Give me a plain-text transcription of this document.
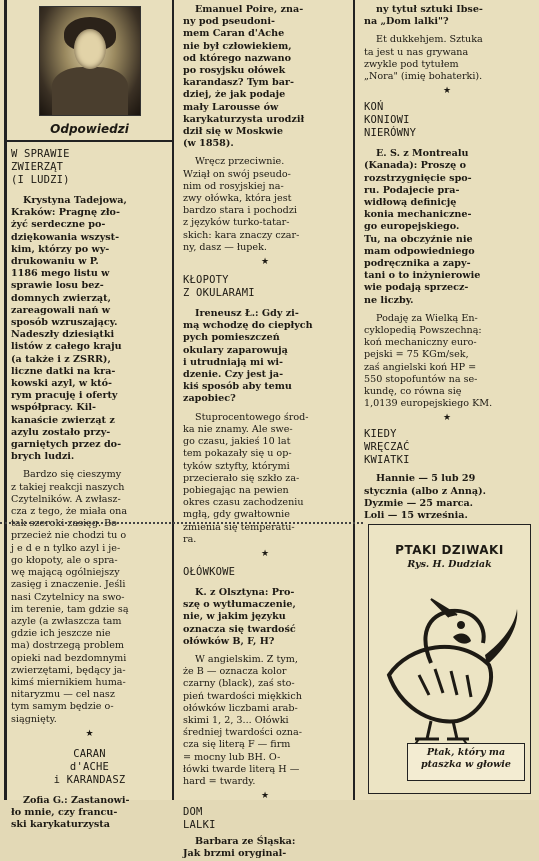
Odpowiedzi
W SPRAWIE
ZWIERZĄT
(I LUDZI)
Krystyna Tadejowa,
Kraków: Pragnę zło-
żyć serdeczne po-
dziękowania wszyst-
kim, którzy po wy-
drukowaniu w P.
1186 mego listu w
sprawie losu bez-
domnych zwierząt,
zareagowali nań w
sposób wzruszający.
Nadeszły dziesiątki
listów z całego kraju
(a także i z ZSRR),
liczne datki na kra-
kowski azyl, w któ-
rym pracuję i oferty
współpracy. Kil-
kanaście zwierząt z
azylu zostało przy-
garniętych przez do-
brych ludzi.
Bardzo się cieszymy
z takiej reakcji naszych
Czytelników. A zwłasz-
cza z tego, że miała ona
tak szeroki zasięg. Bo
przecież nie chodzi tu o
j e d e n tylko azyl i je-
go kłopoty, ale o spra-
wę mającą ogólniejszy
zasięg i znaczenie. Jeśli
nasi Czytelnicy na swo-
im terenie, tam gdzie są
azyle (a zwłaszcza tam
gdzie ich jeszcze nie
ma) dostrzegą problem
opieki nad bezdomnymi
zwierzętami, będący ja-
kimś miernikiem huma-
nitaryzmu — cel nasz
tym samym będzie o-
siągnięty.
★
CARAN
d'ACHE
i KARANDASZ
Zofia G.: Zastanowi-
ło mnie, czy francu-
ski karykaturzysta
Emanuel Poire, zna-
ny pod pseudoni-
mem Caran d'Ache
nie był człowiekiem,
od którego nazwano
po rosyjsku ołówek
karandasz? Tym bar-
dziej, że jak podaje
mały Larousse ów
karykaturzysta urodził
dził się w Moskwie
(w 1858).
Wręcz przeciwnie.
Wziął on swój pseudo-
nim od rosyjskiej na-
zwy ołówka, która jest
bardzo stara i pochodzi
z języków turko-tatar-
skich: kara znaczy czar-
ny, dasz — łupek.
★
KŁOPOTY
Z OKULARAMI
Ireneusz Ł.: Gdy zi-
mą wchodzę do ciepłych
pych pomieszczeń
okulary zaparowują
i utrudniają mi wi-
dzenie. Czy jest ja-
kiś sposób aby temu
zapobiec?
Stuprocentowego środ-
ka nie znamy. Ale swe-
go czasu, jakieś 10 lat
tem pokazały się u op-
tyków sztyfty, którymi
przecierało się szkło za-
pobiegając na pewien
okres czasu zachodzeniu
mgłą, gdy gwałtownie
zmienia się temperatu-
ra.
★
OŁÓWKOWE
K. z Olsztyna: Pro-
szę o wytłumaczenie,
nie, w jakim języku
oznacza się twardość
ołówków B, F, H?
W angielskim. Z tym,
że B — oznacza kolor
czarny (black), zaś sto-
pień twardości miękkich
ołówków liczbami arab-
skimi 1, 2, 3... Ołówki
średniej twardości ozna-
cza się literą F — firm
= mocny lub BH. O-
łówki twarde literą H —
hard = twardy.
★
DOM
LALKI
Barbara ze Śląska:
Jak brzmi oryginal-
ny tytuł sztuki Ibse-
na „Dom lalki"?
Et dukkehjem. Sztuka
ta jest u nas grywana
zwykle pod tytułem
„Nora" (imię bohaterki).
★
KOŃ
KONIOWI
NIERÓWNY
E. S. z Montrealu
(Kanada): Proszę o
rozstrzygnięcie spo-
ru. Podajecie pra-
widłową definicję
konia mechaniczne-
go europejskiego.
Tu, na obczyźnie nie
mam odpowiedniego
podręcznika a zapy-
tani o to inżynierowie
wie podają sprzecz-
ne liczby.
Podaję za Wielką En-
cyklopedią Powszechną:
koń mechaniczny euro-
pejski = 75 KGm/sek,
zaś angielski koń HP =
550 stopofuntów na se-
kundę, co równa się
1,0139 europejskiego KM.
★
KIEDY
WRĘCZAĆ
KWIATKI
Hannie — 5 lub 29
stycznia (albo z Anną).
Dyzmie — 25 marca.
Loli — 15 września.
PTAKI DZIWAKI
Rys. H. Dudziak
Ptak, który ma
ptaszka w głowie
